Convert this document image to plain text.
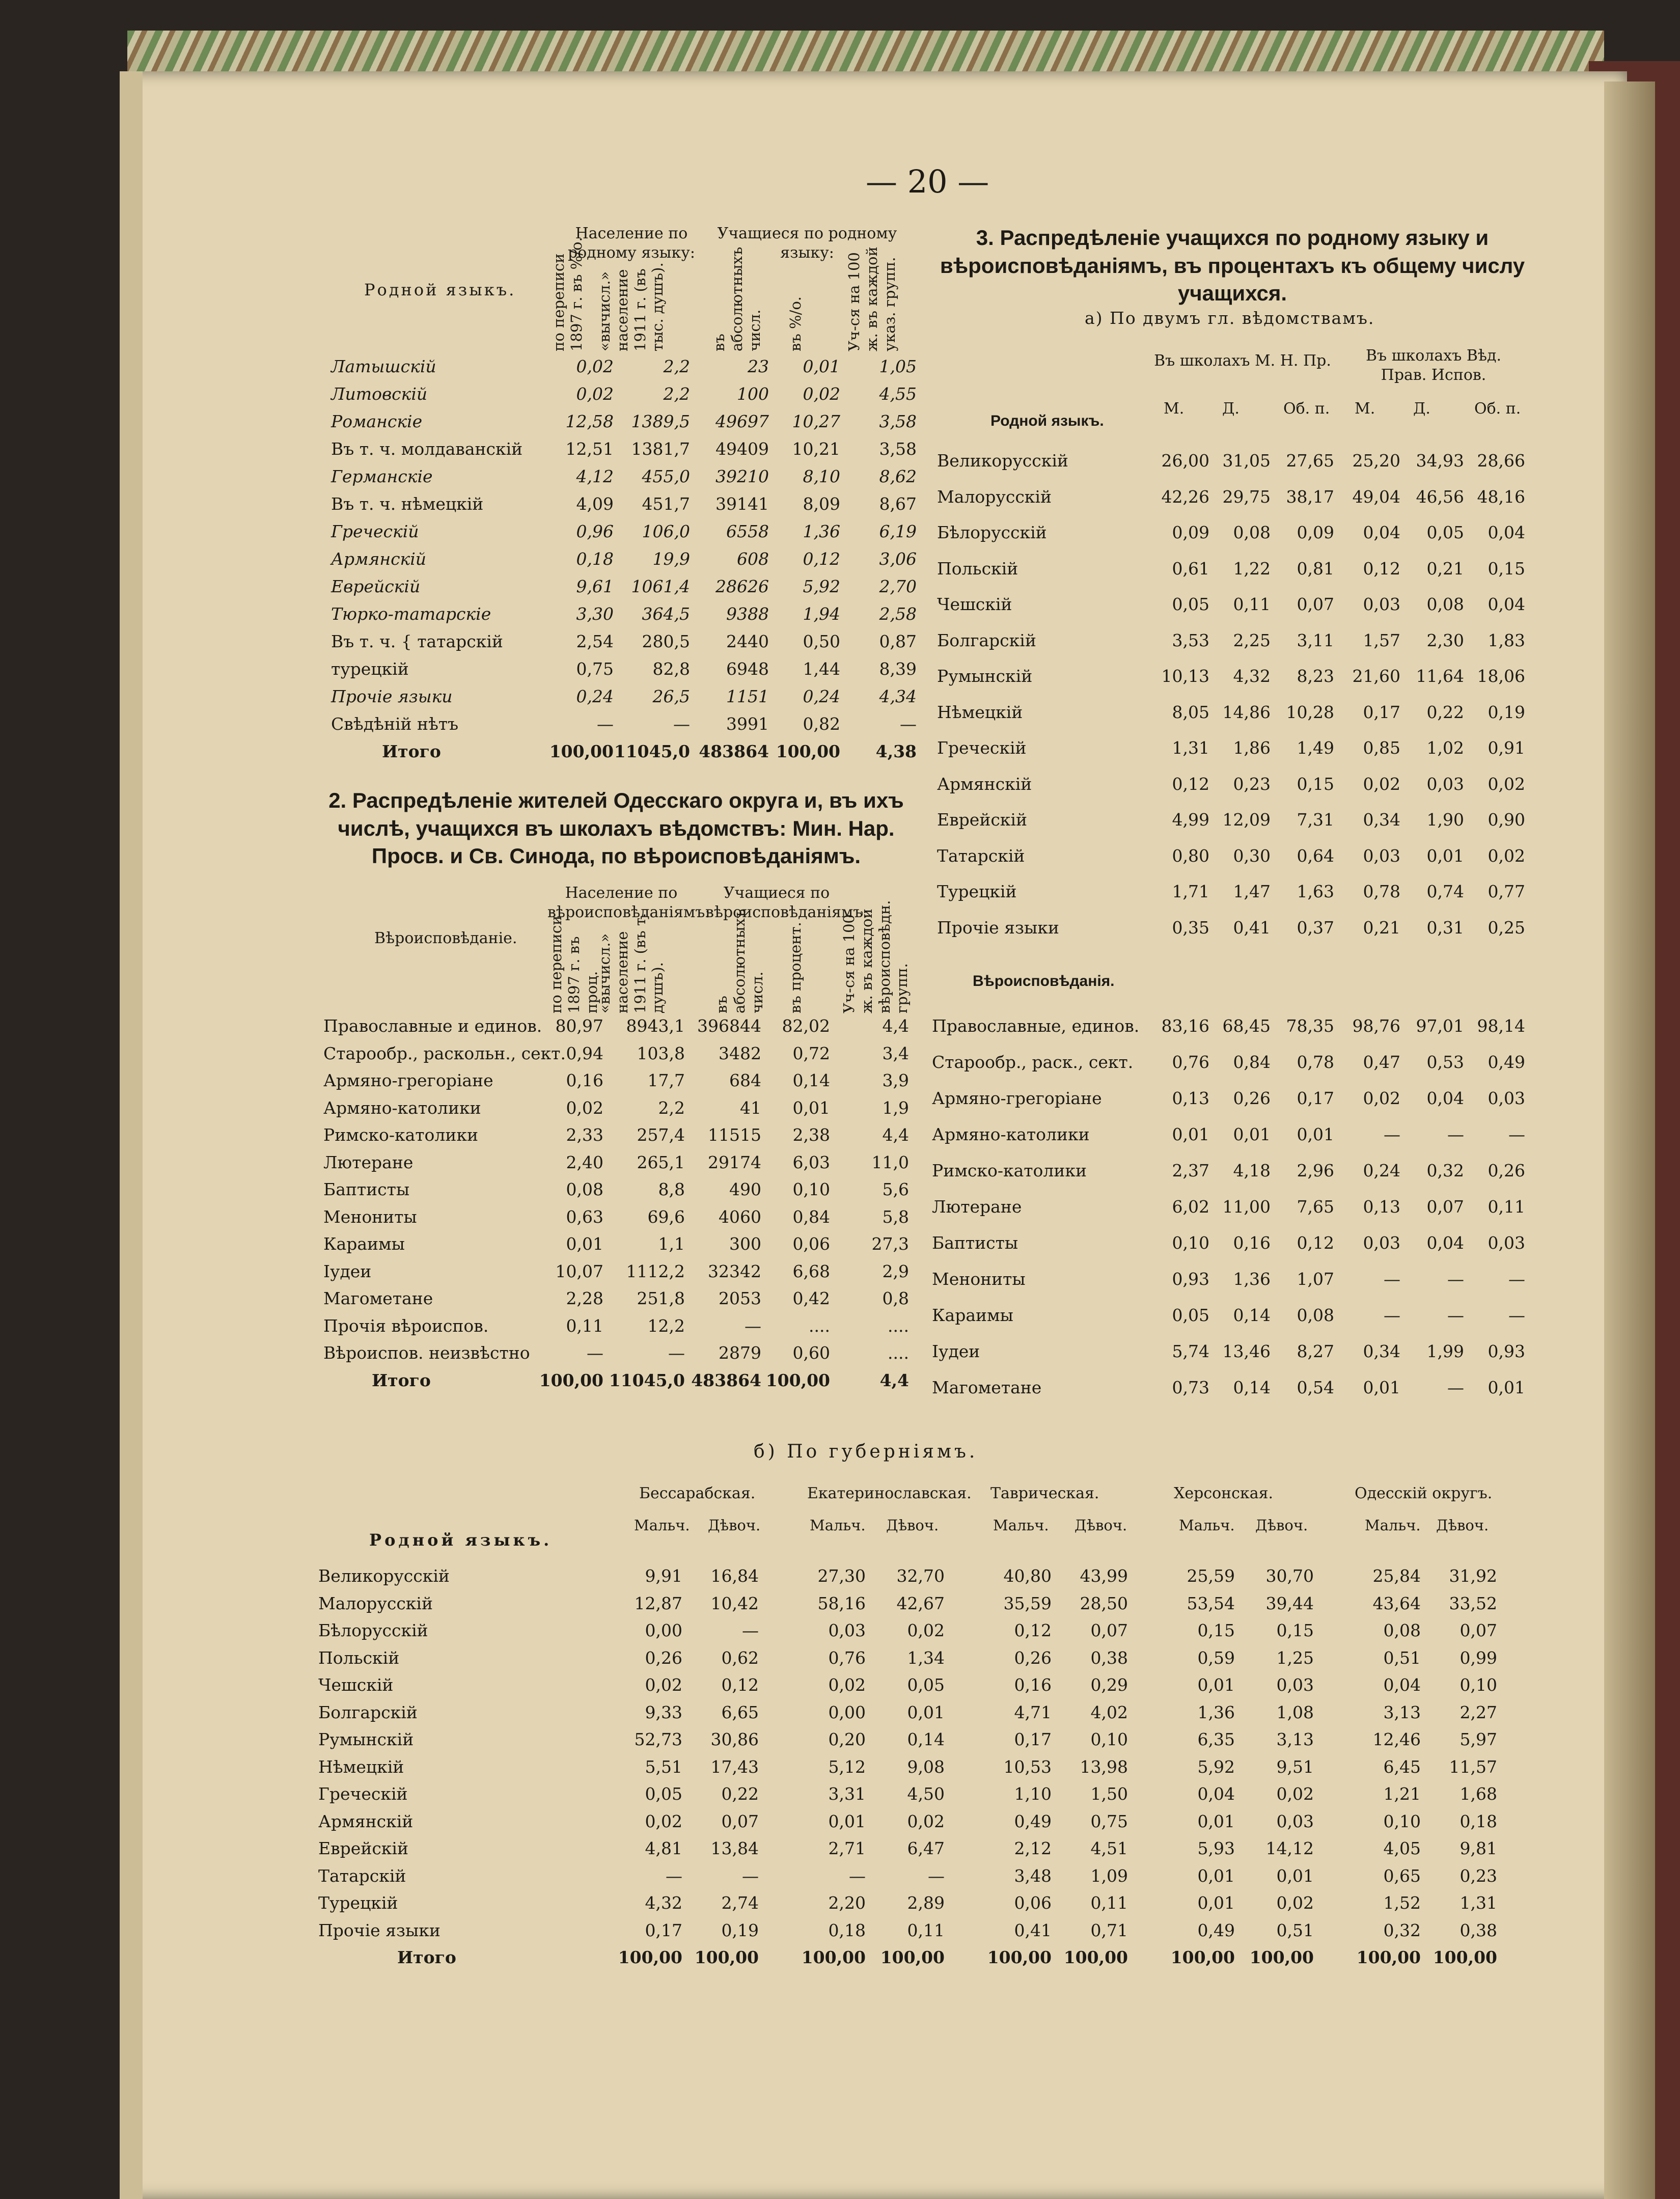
— 20 —
Родной языкъ.
Население по родному языку:
Учащиеся по родному языку:
по переписи 1897 г. въ %/о. «вычисл.» население 1911 г. (въ тыс. душъ).	въ абсолютныхъ числ. въ %/о.	Уч-ся на 100 ж. въ каждой указ. групп.
Латышскій	0,02	2,2	23 0,01 1,05
Литовскій	0,02	2,2	100 0,02 4,55
Романскіе	12,58 1389,5 49697 10,27 3,58
Въ т. ч. молдаванскій	12,51 1381,7 49409 10,21 3,58
Германскіе	4,12 455,0 39210 8,10 8,62
Въ т. ч. нѣмецкій	4,09 451,7 39141 8,09 8,67
Греческій	0,96 106,0 6558 1,36 6,19
Армянскій	0,18 19,9	608 0,12 3,06
Еврейскій	9,61 1061,4 28626 5,92 2,70
Тюрко-татарскіе	3,30 364,5 9388 1,94 2,58
Въ т. ч. { татарскій	2,54 280,5 2440 0,50 0,87
турецкій	0,75 82,8 6948 1,44 8,39
Прочіе языки	0,24 26,5 1151 0,24 4,34
Свѣдѣній нѣтъ	—	— 3991 0,82	—
Итого	100,00 11045,0 483864 100,00 4,38
2. Распредѣленіе жителей Одесскаго округа и, въ ихъ числѣ, учащихся въ школахъ вѣдомствъ: Мин. Нар. Просв. и Св. Синода, по вѣроисповѣданіямъ.
Вѣроисповѣданіе.
Население по вѣроисповѣданіямъ:
Учащиеся по вѣроисповѣданіямъ:
по переписи 1897 г. въ проц.
«вычисл.» население 1911 г. (въ т. душъ).	въ абсолютныхъ числ. въ процент. Уч-ся на 100 ж. въ каждой вѣроисповѣдн. групп.
Православные и единов. 80,97 8943,1 396844 82,02	4,4
Старообр., раскольн., сект. 0,94 103,8 3482 0,72	3,4
Армяно-грегоріане	0,16	17,7	684 0,14	3,9
Армяно-католики	0,02	2,2	41 0,01	1,9
Римско-католики	2,33 257,4 11515 2,38	4,4
Лютеране	2,40 265,1 29174 6,03 11,0
Баптисты	0,08	8,8	490 0,10	5,6
Менониты	0,63	69,6 4060 0,84	5,8
Караимы	0,01	1,1	300 0,06 27,3
Іудеи	10,07 1112,2 32342 6,68	2,9
Магометане	2,28 251,8 2053 0,42	0,8
Прочія вѣроиспов.	0,11	12,2	—	....	....
Вѣроиспов. неизвѣстно	—	— 2879 0,60	....
Итого	100,00 11045,0 483864 100,00	4,4
3. Распредѣленіе учащихся по родному языку и вѣроисповѣданіямъ, въ процентахъ къ общему числу учащихся.
а) По двумъ гл. вѣдомствамъ.
Въ школахъ М. Н. Пр.	Въ школахъ Вѣд. Прав. Испов.
Родной языкъ.
Вѣроисповѣданія.
М. Д.	Об. п. М. Д.	Об. п.
Великорусскій	26,00 31,05 27,65 25,20 34,93 28,66
Малорусскій	42,26 29,75 38,17 49,04 46,56 48,16
Бѣлорусскій	0,09 0,08 0,09 0,04 0,05 0,04
Польскій	0,61 1,22 0,81 0,12 0,21 0,15
Чешскій	0,05 0,11 0,07 0,03 0,08 0,04
Болгарскій	3,53 2,25 3,11 1,57 2,30 1,83
Румынскій	10,13 4,32 8,23 21,60 11,64 18,06
Нѣмецкій	8,05 14,86 10,28 0,17 0,22 0,19
Греческій	1,31 1,86 1,49 0,85 1,02 0,91
Армянскій	0,12 0,23 0,15 0,02 0,03 0,02
Еврейскій	4,99 12,09 7,31 0,34 1,90 0,90
Татарскій	0,80 0,30 0,64 0,03 0,01 0,02
Турецкій	1,71 1,47 1,63 0,78 0,74 0,77
Прочіе языки	0,35 0,41 0,37 0,21 0,31 0,25
Православные, единов. 83,16 68,45 78,35 98,76 97,01 98,14
Старообр., раск., сект. 0,76 0,84 0,78 0,47 0,53 0,49
Армяно-грегоріане	0,13 0,26 0,17 0,02 0,04 0,03
Армяно-католики	0,01 0,01 0,01	—	—	—
Римско-католики	2,37 4,18 2,96 0,24 0,32 0,26
Лютеране	6,02 11,00 7,65 0,13 0,07 0,11
Баптисты	0,10 0,16 0,12 0,03 0,04 0,03
Менониты	0,93 1,36 1,07	—	—	—
Караимы	0,05 0,14 0,08	—	—	—
Іудеи	5,74 13,46 8,27 0,34 1,99 0,93
Магометане	0,73 0,14 0,54 0,01	— 0,01
б) По губерніямъ.
Родной языкъ.
Бессарабская.	Екатеринославская. Таврическая.	Херсонская.	Одесскій округъ.
Мальч. Дѣвоч.	Мальч. Дѣвоч.	Мальч. Дѣвоч.	Мальч. Дѣвоч.	Мальч. Дѣвоч.
Великорусскій	9,91 16,84	27,30 32,70	40,80 43,99	25,59 30,70	25,84 31,92
Малорусскій	12,87 10,42	58,16 42,67	35,59 28,50	53,54 39,44	43,64 33,52
Бѣлорусскій	0,00	—	0,03 0,02	0,12 0,07	0,15 0,15	0,08 0,07
Польскій	0,26 0,62	0,76 1,34	0,26 0,38	0,59 1,25	0,51 0,99
Чешскій	0,02 0,12	0,02 0,05	0,16 0,29	0,01 0,03	0,04 0,10
Болгарскій	9,33 6,65	0,00 0,01	4,71 4,02	1,36 1,08	3,13 2,27
Румынскій	52,73 30,86	0,20 0,14	0,17 0,10	6,35 3,13	12,46 5,97
Нѣмецкій	5,51 17,43	5,12 9,08	10,53 13,98	5,92 9,51	6,45 11,57
Греческій	0,05 0,22	3,31 4,50	1,10 1,50	0,04 0,02	1,21 1,68
Армянскій	0,02 0,07	0,01 0,02	0,49 0,75	0,01 0,03	0,10 0,18
Еврейскій	4,81 13,84	2,71 6,47	2,12 4,51	5,93 14,12	4,05 9,81
Татарскій	—	—	—	—	3,48 1,09	0,01 0,01	0,65 0,23
Турецкій	4,32 2,74	2,20 2,89	0,06 0,11	0,01 0,02	1,52 1,31
Прочіе языки	0,17 0,19	0,18 0,11	0,41 0,71	0,49 0,51	0,32 0,38
Итого	100,00 100,00	100,00 100,00	100,00 100,00	100,00 100,00	100,00 100,00
